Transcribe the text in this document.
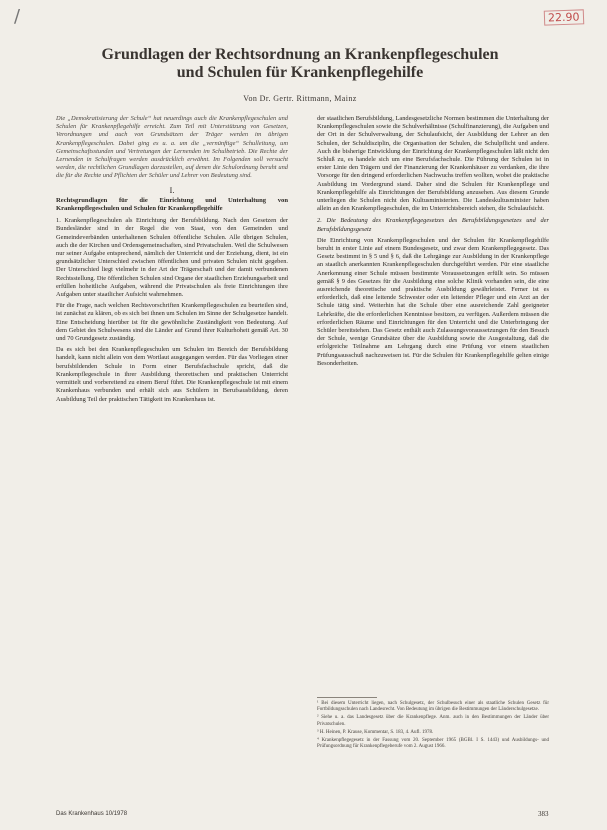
/	22.90
Grundlagen der Rechtsordnung an Krankenpflegeschulen
und Schulen für Krankenpflegehilfe
Von Dr. Gertr. Rittmann, Mainz

Die „Demokratisierung der Schule“ hat neuerdings auch die Krankenpflegeschulen und Schulen für Krankenpflegehilfe erreicht. Zum Teil mit Unterstützung von Gesetzen, Verordnungen und auch von Grundsätzen der Träger werden im übrigen Krankenpflegeschulen. Dabei ging es u. a. um die „vernünftige“ Schulleitung, um Gemeinschaftsstunden und Vertretungen der Lernenden im Schulbetrieb. Die Rechte der Lernenden in Schulfragen werden ausdrücklich erwähnt. Im Folgenden soll versucht werden, die rechtlichen Grundlagen darzustellen, auf denen die Schulordnung beruht und die für die Rechte und Pflichten der Schüler und Lehrer von Bedeutung sind.

I.

Rechtsgrundlagen für die Einrichtung und Unterhaltung von Krankenpflegeschulen und Schulen für Krankenpflegehilfe

1. Krankenpflegeschulen als Einrichtung der Berufsbildung. Nach den Gesetzen der Bundesländer sind in der Regel die von Staat, von den Gemeinden und Gemeindeverbänden unterhaltenen Schulen öffentliche Schulen. Alle übrigen Schulen, auch die der Kirchen und Ordensgemeinschaften, sind Privatschulen. Weil die Schulwesen nur seiner Aufgabe entsprechend, nämlich der Unterricht und der Erziehung, dient, ist ein grundsätzlicher Unterschied zwischen öffentlichen und privaten Schulen nicht gegeben. Der Unterschied liegt vielmehr in der Art der Trägerschaft und der damit verbundenen Rechtsstellung. Die öffentlichen Schulen sind Organe der staatlichen Erziehungsarbeit und erfüllen hoheitliche Aufgaben, während die Privatschulen als freie Einrichtungen ihre Aufgaben unter staatlicher Aufsicht wahrnehmen.

Für die Frage, nach welchen Rechtsvorschriften Krankenpflegeschulen zu beurteilen sind, ist zunächst zu klären, ob es sich bei ihnen um Schulen im Sinne der Schulgesetze handelt. Eine Entscheidung hierüber ist für die gewöhnliche Zuständigkeit von Bedeutung. Auf dem Gebiet des Schulwesens sind die Länder auf Grund ihrer Kulturhoheit gemäß Art. 30 und 70 Grundgesetz zuständig.

Da es sich bei den Krankenpflegeschulen um Schulen im Bereich der Berufsbildung handelt, kann nicht allein von dem Wortlaut ausgegangen werden. Für das Vorliegen einer berufsbildenden Schule in Form einer Berufsfachschule spricht, daß die Krankenpflegeschule in ihrer Ausbildung theoretischen und praktischen Unterricht vermittelt und vorbereitend zu einem Beruf führt. Die Krankenpflegeschule ist mit einem Krankenhaus verbunden und erhält sich aus Schülern in Berufsausbildung, deren Ausbildung Teil der praktischen Tätigkeit im Krankenhaus ist.

der staatlichen Berufsbildung, Landesgesetzliche Normen bestimmen die Unterhaltung der Krankenpflegeschulen sowie die Schulverhältnisse (Schulfinanzierung), die Aufgaben und der Ort in der Schulverwaltung, der Schulaufsicht, der Ausbildung der Lehrer an den Schulen, der Schuldisziplin, die Organisation der Schulen, die Schulpflicht und andere. Auch die bisherige Entwicklung der Einrichtung der Krankenpflegeschulen läßt nicht den Schluß zu, es handele sich um eine Berufsfachschule. Die Führung der Schulen ist in erster Linie den Trägern und der Finanzierung der Krankenhäuser zu verdanken, die ihre Vorsorge für den dringend erforderlichen Nachwuchs treffen wollten, wobei die praktische Ausbildung im Vordergrund stand. Daher sind die Schulen für Krankenpflege und Krankenpflegehilfe als Einrichtungen der Berufsbildung anzusehen. Aus diesem Grunde unterliegen die Schulen nicht den Kultusministerien. Die Landeskultusminister haben allein an den Krankenpflegeschulen, die im Unterrichtsbereich stehen, die Schulaufsicht.

2. Die Bedeutung des Krankenpflegegesetzes des Berufsbildungsgesetzes und der Berufsbildungsgesetz

Die Einrichtung von Krankenpflegeschulen und der Schulen für Krankenpflegehilfe beruht in erster Linie auf einem Bundesgesetz, und zwar dem Krankenpflegegesetz. Das Gesetz bestimmt in § 5 und § 6, daß die Lehrgänge zur Ausbildung in der Krankenpflege an staatlich anerkannten Krankenpflegeschulen durchgeführt werden. Für eine staatliche Anerkennung einer Schule müssen bestimmte Voraussetzungen erfüllt sein. So müssen gemäß § 9 des Gesetzes für die Ausbildung eine solche Klinik vorhanden sein, die eine ausreichende theoretische und praktische Ausbildung gewährleistet. Ferner ist es erforderlich, daß eine leitende Schwester oder ein leitender Pfleger und ein Arzt an der Schule tätig sind. Weiterhin hat die Schule über eine ausreichende Zahl geeigneter Lehrkräfte, die die erforderlichen Kenntnisse besitzen, zu verfügen. Außerdem müssen die erforderlichen Räume und Einrichtungen für den Unterricht und die Unterbringung der Schüler bereitstehen. Das Gesetz enthält auch Zulassungsvoraussetzungen für den Besuch der Schule, wenige Grundsätze über die Ausbildung sowie die Ausgestaltung, daß die erfolgreiche Teilnahme am Lehrgang durch eine Prüfung vor einem staatlichen Prüfungsausschuß nachzuweisen ist. Für die Schulen für Krankenpflegehilfe gelten einige Besonderheiten.

¹ Bei diesem Unterricht liegen, nach Schulgesetz, der Schulbesuch einer als staatliche Schulen Gesetz für Fortbildungsschulen nach Landesrecht. Von Bedeutung im übrigen die Bestimmungen der Länderschulgesetze.

² Siehe u. a. das Landesgesetz über die Krankenpflege. Anm. auch in den Bestimmungen der Länder über Privatschulen.

³ H. Heinen, P. Krause, Kommentar, S. 183, 4. Aufl. 1978.

⁴ Krankenpflegegesetz in der Fassung vom 20. September 1965 (BGBl. I S. 1443) und Ausbildungs- und Prüfungsordnung für Krankenpflegeberufe vom 2. August 1966.

Das Krankenhaus 10/1978	383
